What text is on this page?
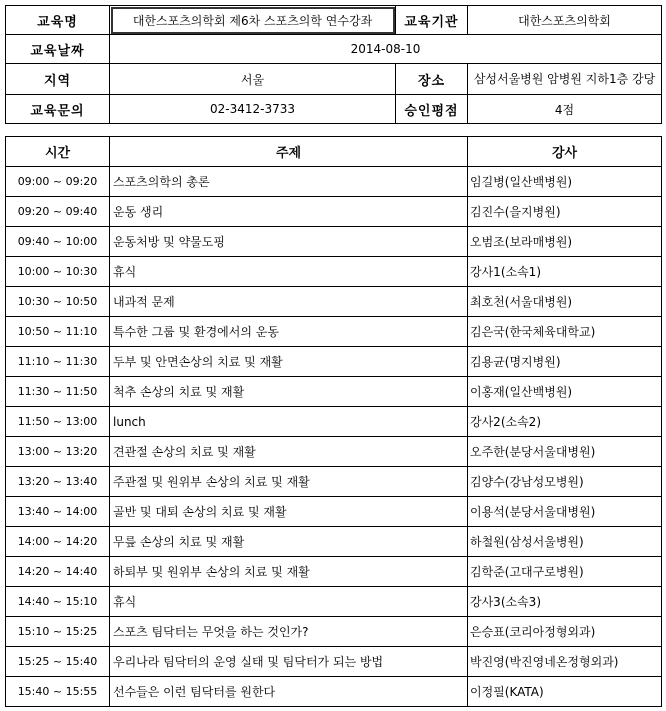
교육명	대한스포츠의학회 제6차 스포츠의학 연수강좌	교육기관	대한스포츠의학회
교육날짜	2014-08-10		
지역	서울	장소	삼성서울병원 암병원 지하1층 강당
교육문의	02-3412-3733	승인평점	4점
시간	주제	강사
09:00 ~ 09:20	스포츠의학의 총론	임길병(일산백병원)
09:20 ~ 09:40	운동 생리	김진수(을지병원)
09:40 ~ 10:00	운동처방 및 약물도핑	오범조(보라매병원)
10:00 ~ 10:30	휴식	강사1(소속1)
10:30 ~ 10:50	내과적 문제	최호천(서울대병원)
10:50 ~ 11:10	특수한 그룹 및 환경에서의 운동	김은국(한국체육대학교)
11:10 ~ 11:30	두부 및 안면손상의 치료 및 재활	김용균(명지병원)
11:30 ~ 11:50	척추 손상의 치료 및 재활	이홍재(일산백병원)
11:50 ~ 13:00	lunch	강사2(소속2)
13:00 ~ 13:20	견관절 손상의 치료 및 재활	오주한(분당서울대병원)
13:20 ~ 13:40	주관절 및 원위부 손상의 치료 및 재활	김양수(강남성모병원)
13:40 ~ 14:00	골반 및 대퇴 손상의 치료 및 재활	이용석(분당서울대병원)
14:00 ~ 14:20	무릎 손상의 치료 및 재활	하철원(삼성서울병원)
14:20 ~ 14:40	하퇴부 및 원위부 손상의 치료 및 재활	김학준(고대구로병원)
14:40 ~ 15:10	휴식	강사3(소속3)
15:10 ~ 15:25	스포츠 팀닥터는 무엇을 하는 것인가?	은승표(코리아정형외과)
15:25 ~ 15:40	우리나라 팀닥터의 운영 실태 및 팀닥터가 되는 방법	박진영(박진영네온정형외과)
15:40 ~ 15:55	선수들은 이런 팀닥터를 원한다	이정필(KATA)
